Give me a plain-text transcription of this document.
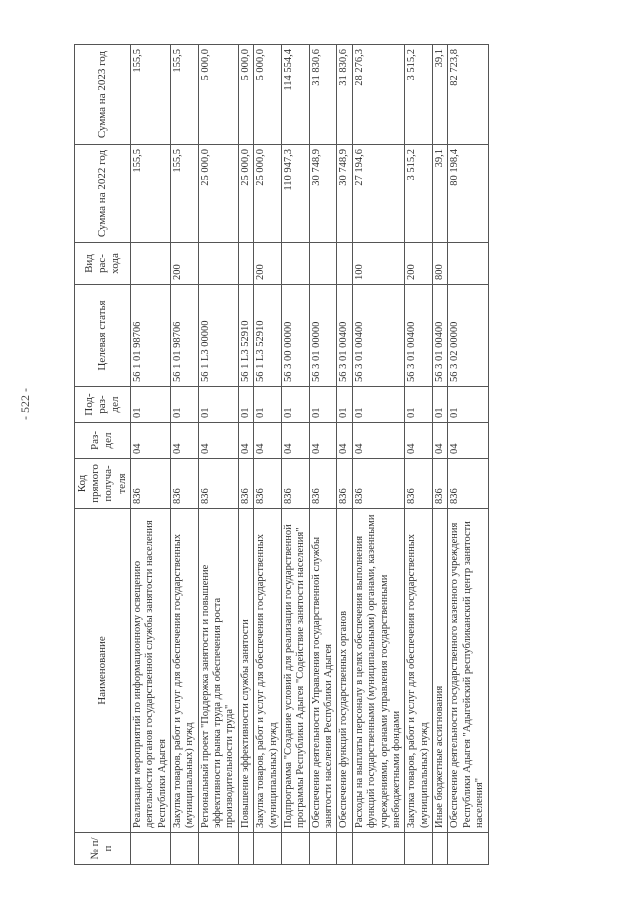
- 522 -
№ п/п	Наименование	Код прямого получа-теля	Раз-дел	Под-раз-дел	Целевая статья	Вид рас-хода	Сумма на 2022 год	Сумма на 2023 год
	Реализация мероприятий по информационному освещению деятельности органов государственной службы занятости населения Республики Адыгея	836	04	01	56 1 01 98706		155,5	155,5
	Закупка товаров, работ и услуг для обеспечения государственных (муниципальных) нужд	836	04	01	56 1 01 98706	200	155,5	155,5
	Региональный проект "Поддержка занятости и повышение эффективности рынка труда для обеспечения роста производительности труда"	836	04	01	56 1 L3 00000		25 000,0	5 000,0
	Повышение эффективности службы занятости	836	04	01	56 1 L3 52910		25 000,0	5 000,0
	Закупка товаров, работ и услуг для обеспечения государственных (муниципальных) нужд	836	04	01	56 1 L3 52910	200	25 000,0	5 000,0
	Подпрограмма "Создание условий для реализации государственной программы Республики Адыгея "Содействие занятости населения"	836	04	01	56 3 00 00000		110 947,3	114 554,4
	Обеспечение деятельности Управления государственной службы занятости населения Республики Адыгея	836	04	01	56 3 01 00000		30 748,9	31 830,6
	Обеспечение функций государственных органов	836	04	01	56 3 01 00400		30 748,9	31 830,6
	Расходы на выплаты персоналу в целях обеспечения выполнения функций государственными (муниципальными) органами, казенными учреждениями, органами управления государственными внебюджетными фондами	836	04	01	56 3 01 00400	100	27 194,6	28 276,3
	Закупка товаров, работ и услуг для обеспечения государственных (муниципальных) нужд	836	04	01	56 3 01 00400	200	3 515,2	3 515,2
	Иные бюджетные ассигнования	836	04	01	56 3 01 00400	800	39,1	39,1
	Обеспечение деятельности государственного казенного учреждения Республики Адыгея "Адыгейский республиканский центр занятости населения"	836	04	01	56 3 02 00000		80 198,4	82 723,8
